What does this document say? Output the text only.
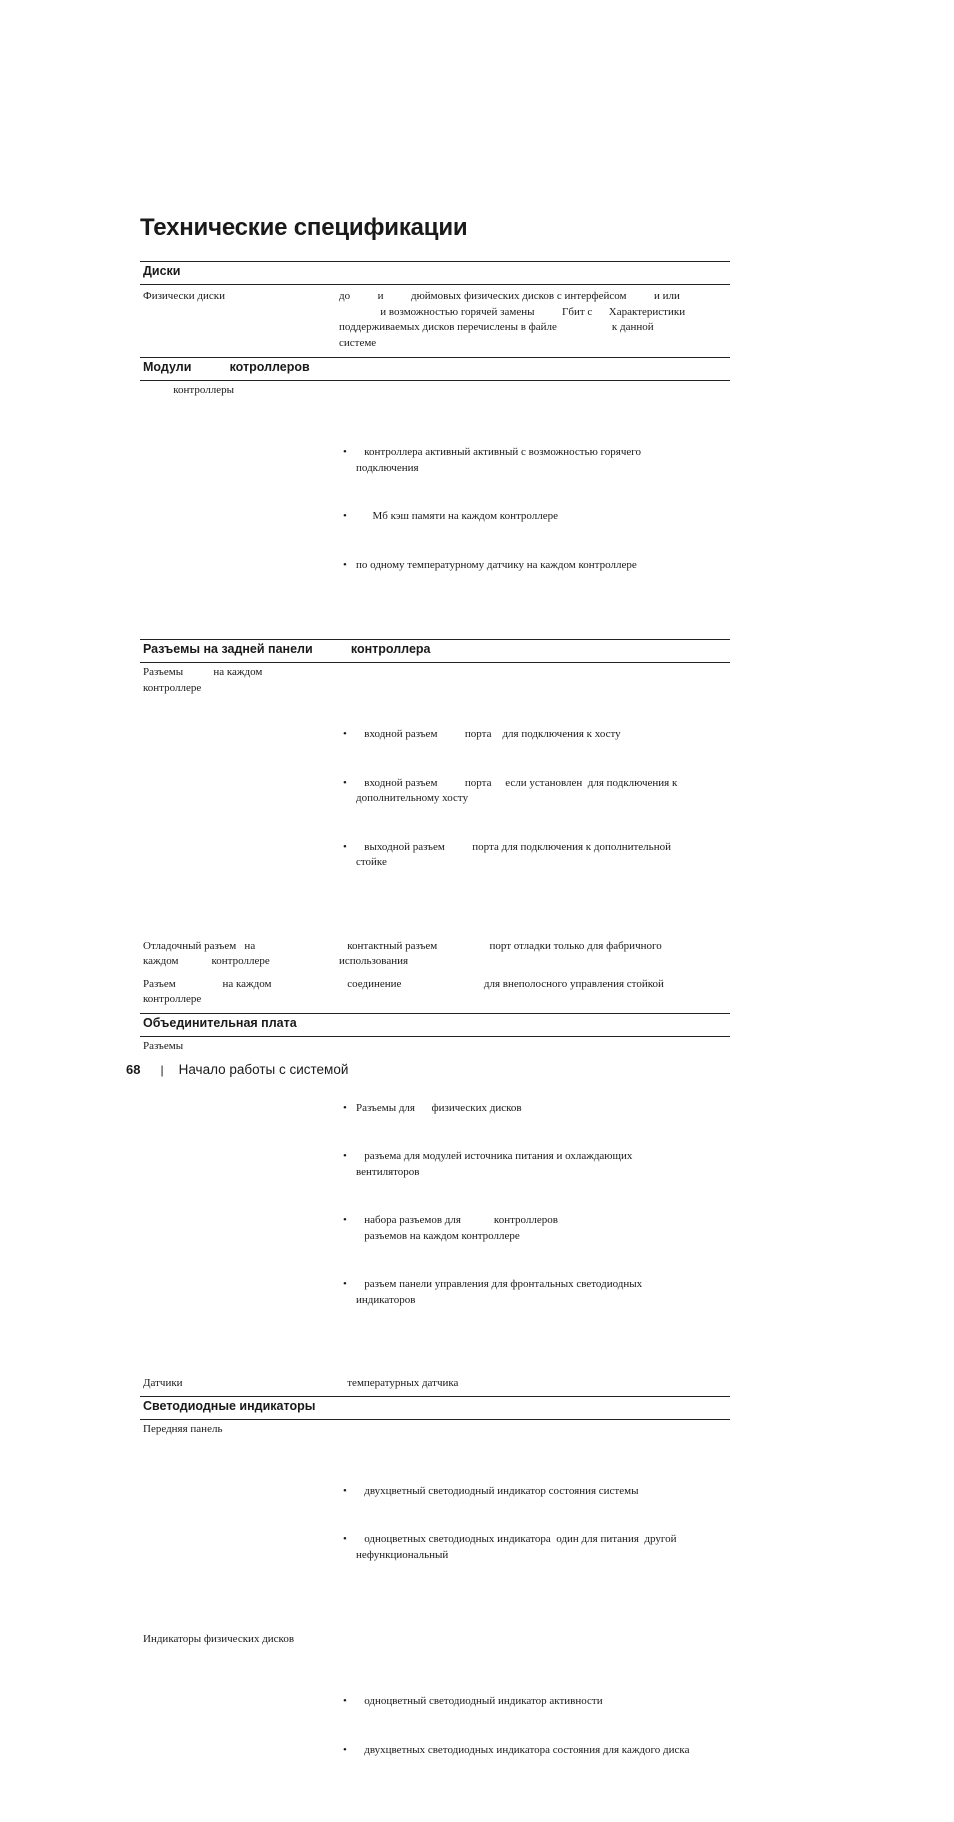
Технические спецификации
Диски
Физически диски	до          и          дюймовых физических дисков с интерфейсом          и или
и возможностью горячей замены          Гбит с      Характеристики
поддерживаемых дисков перечислены в файле                    к данной
системе
Модули           котроллеров
контроллеры

•    контроллера активный активный с возможностью горячего
подключения

•       Мб кэш памяти на каждом контроллере

• по одному температурному датчику на каждом контроллере

Разъемы на задней панели           контроллера
Разъемы           на каждом
контроллере

•    входной разъем          порта    для подключения к хосту

•    входной разъем          порта     если установлен  для подключения к
дополнительному хосту

•    выходной разъем          порта для подключения к дополнительной
стойке

Отладочный разъем   на
каждом            контроллере
контактный разъем                   порт отладки только для фабричного
использования
Разъем                 на каждом
контроллере
соединение                              для внеполосного управления стойкой
Объединительная плата
Разъемы

• Разъемы для      физических дисков

•    разъема для модулей источника питания и охлаждающих
вентиляторов

•    набора разъемов для            контроллеров
разъемов на каждом контроллере

•    разъем панели управления для фронтальных светодиодных
индикаторов

Датчики	температурных датчика
Светодиодные индикаторы
Передняя панель

•    двухцветный светодиодный индикатор состояния системы

•    одноцветных светодиодных индикатора  один для питания  другой
нефункциональный

Индикаторы физических дисков

•    одноцветный светодиодный индикатор активности

•    двухцветных светодиодных индикатора состояния для каждого диска

68 | Начало работы с системой
